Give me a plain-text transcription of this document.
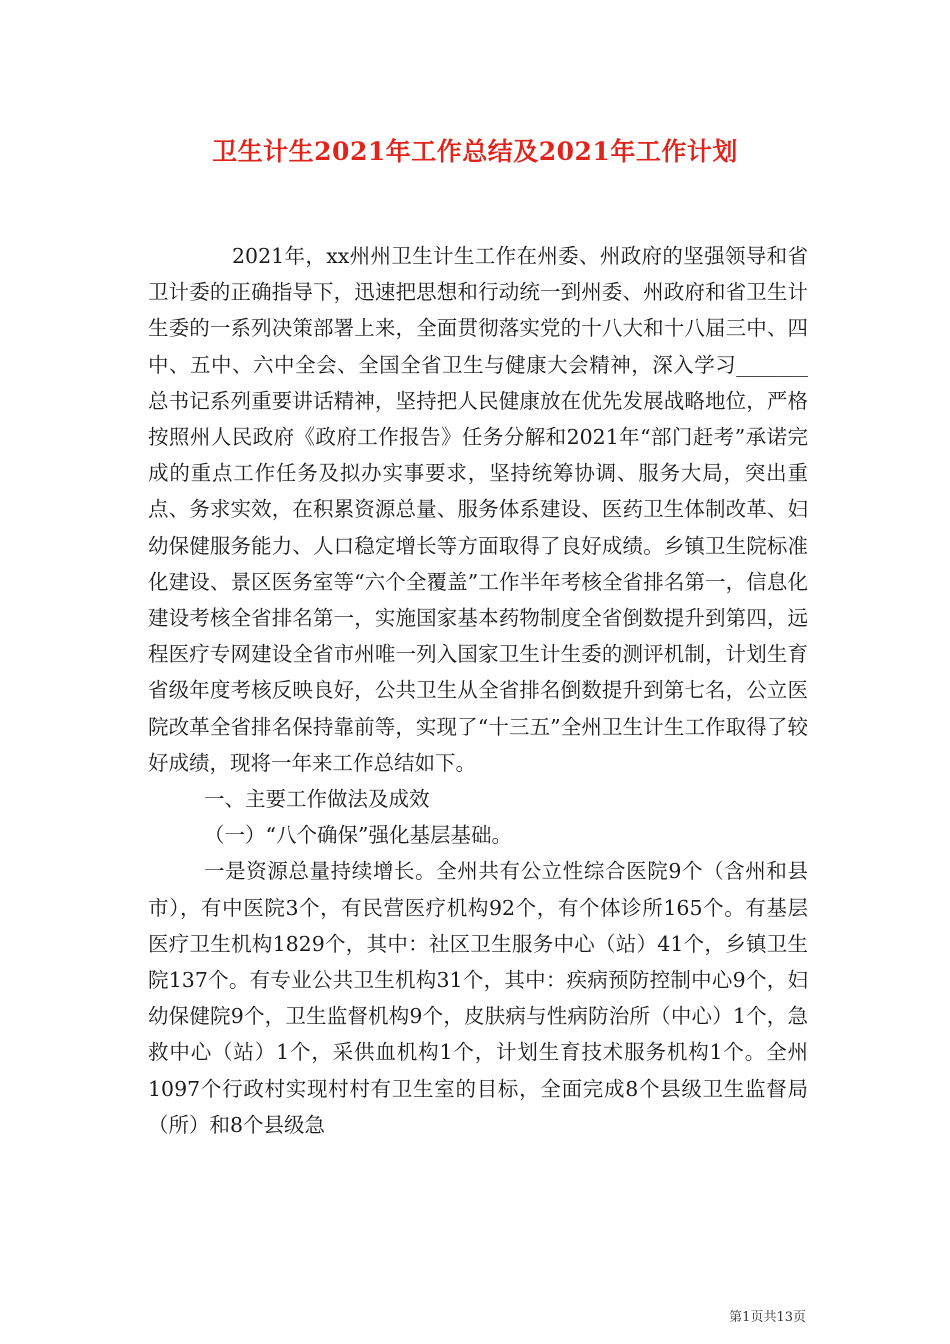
卫生计生2021年工作总结及2021年工作计划

2021年，xx州州卫生计生工作在州委、州政府的坚强领导和省卫计委的正确指导下，迅速把思想和行动统一到州委、州政府和省卫生计生委的一系列决策部署上来，全面贯彻落实党的十八大和十八届三中、四中、五中、六中全会、全国全省卫生与健康大会精神，深入学习_______总书记系列重要讲话精神，坚持把人民健康放在优先发展战略地位，严格按照州人民政府《政府工作报告》任务分解和2021年“部门赶考”承诺完成的重点工作任务及拟办实事要求，坚持统筹协调、服务大局，突出重点、务求实效，在积累资源总量、服务体系建设、医药卫生体制改革、妇幼保健服务能力、人口稳定增长等方面取得了良好成绩。乡镇卫生院标准化建设、景区医务室等“六个全覆盖”工作半年考核全省排名第一，信息化建设考核全省排名第一，实施国家基本药物制度全省倒数提升到第四，远程医疗专网建设全省市州唯一列入国家卫生计生委的测评机制，计划生育省级年度考核反映良好，公共卫生从全省排名倒数提升到第七名，公立医院改革全省排名保持靠前等，实现了“十三五”全州卫生计生工作取得了较好成绩，现将一年来工作总结如下。

一、主要工作做法及成效

（一）“八个确保”强化基层基础。

一是资源总量持续增长。全州共有公立性综合医院9个（含州和县市），有中医院3个，有民营医疗机构92个，有个体诊所165个。有基层医疗卫生机构1829个，其中：社区卫生服务中心（站）41个，乡镇卫生院137个。有专业公共卫生机构31个，其中：疾病预防控制中心9个，妇幼保健院9个，卫生监督机构9个，皮肤病与性病防治所（中心）1个，急救中心（站）1个，采供血机构1个，计划生育技术服务机构1个。全州1097个行政村实现村村有卫生室的目标，全面完成8个县级卫生监督局（所）和8个县级急

第1页共13页
